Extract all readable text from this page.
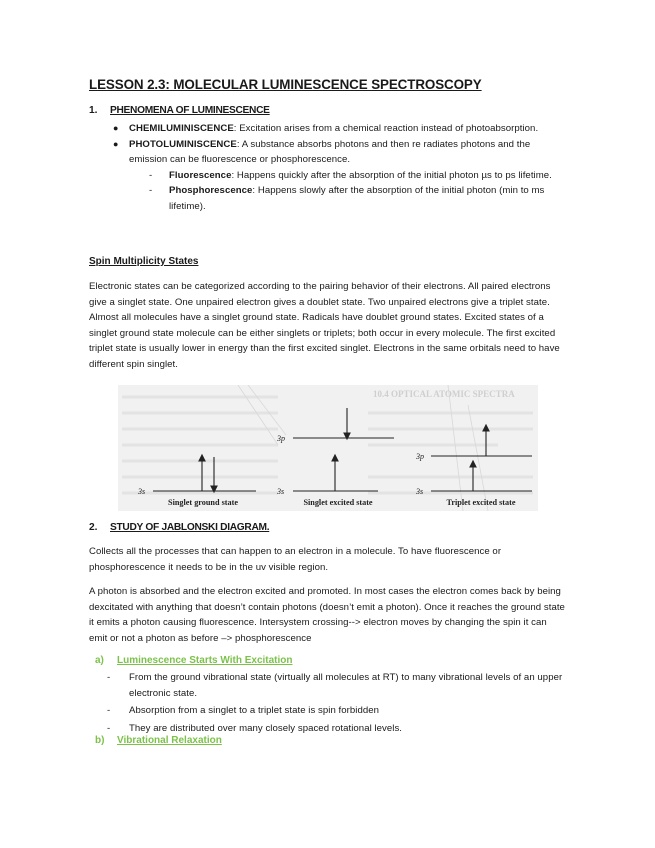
LESSON 2.3: MOLECULAR LUMINESCENCE SPECTROSCOPY
1. PHENOMENA OF LUMINESCENCE
● CHEMILUMINISCENCE: Excitation arises from a chemical reaction instead of photoabsorption.
● PHOTOLUMINISCENCE: A substance absorbs photons and then re radiates photons and the emission can be fluorescence or phosphorescence.
- Fluorescence: Happens quickly after the absorption of the initial photon µs to ps lifetime.
- Phosphorescence: Happens slowly after the absorption of the initial photon (min to ms lifetime).
Spin Multiplicity States
Electronic states can be categorized according to the pairing behavior of their electrons. All paired electrons give a singlet state. One unpaired electron gives a doublet state. Two unpaired electrons give a triplet state. Almost all molecules have a singlet ground state. Radicals have doublet ground states. Excited states of a singlet ground state molecule can be either singlets or triplets; both occur in every molecule. The first excited triplet state is usually lower in energy than the first excited singlet. Electrons in the same orbitals need to have different spin singlet.
10.4 OPTICAL ATOMIC SPECTRA
3s
3p
3s
3p
3s
Singlet ground state	Singlet excited state	Triplet excited state
2. STUDY OF JABLONSKI DIAGRAM.
Collects all the processes that can happen to an electron in a molecule. To have fluorescence or phosphorescence it needs to be in the uv visible region.
A photon is absorbed and the electron excited and promoted. In most cases the electron comes back by being dexcitated with anything that doesn’t contain photons (doesn’t emit a photon). Once it reaches the ground state it emits a photon causing fluorescence. Intersystem crossing--> electron moves by changing the spin it can emit or not a photon as before –> phosphorescence
a) Luminescence Starts With Excitation
- From the ground vibrational state (virtually all molecules at RT) to many vibrational levels of an upper electronic state.
- Absorption from a singlet to a triplet state is spin forbidden
- They are distributed over many closely spaced rotational levels.
b) Vibrational Relaxation
